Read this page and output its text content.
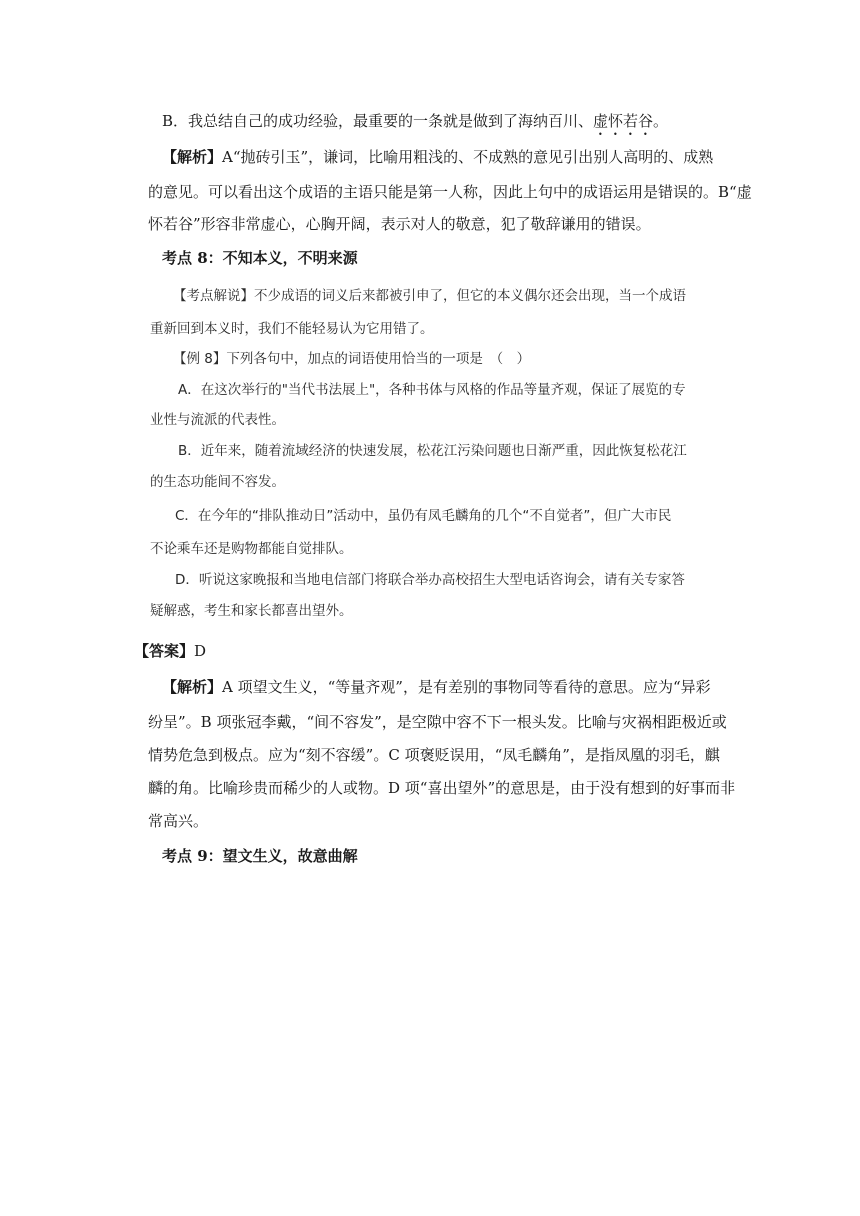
B．我总结自己的成功经验，最重要的一条就是做到了海纳百川、虚怀若谷。
【解析】A“抛砖引玉”，谦词，比喻用粗浅的、不成熟的意见引出别人高明的、成熟
的意见。可以看出这个成语的主语只能是第一人称，因此上句中的成语运用是错误的。B“虚
怀若谷”形容非常虚心，心胸开阔，表示对人的敬意，犯了敬辞谦用的错误。
考点 8：不知本义，不明来源
【考点解说】不少成语的词义后来都被引申了，但它的本义偶尔还会出现，当一个成语
重新回到本义时，我们不能轻易认为它用错了。
【例 8】下列各句中，加点的词语使用恰当的一项是　（　）
A．在这次举行的"当代书法展上"，各种书体与风格的作品等量齐观，保证了展览的专
业性与流派的代表性。
B．近年来，随着流域经济的快速发展，松花江污染问题也日渐严重，因此恢复松花江
的生态功能间不容发。
C．在今年的“排队推动日”活动中，虽仍有凤毛麟角的几个“不自觉者”，但广大市民
不论乘车还是购物都能自觉排队。
D．听说这家晚报和当地电信部门将联合举办高校招生大型电话咨询会，请有关专家答
疑解惑，考生和家长都喜出望外。
【答案】D
【解析】A 项望文生义，“等量齐观”，是有差别的事物同等看待的意思。应为“异彩
纷呈”。B 项张冠李戴，“间不容发”，是空隙中容不下一根头发。比喻与灾祸相距极近或
情势危急到极点。应为“刻不容缓”。C 项褒贬误用，“凤毛麟角”，是指凤凰的羽毛，麒
麟的角。比喻珍贵而稀少的人或物。D 项“喜出望外”的意思是，由于没有想到的好事而非
常高兴。
考点 9：望文生义，故意曲解
